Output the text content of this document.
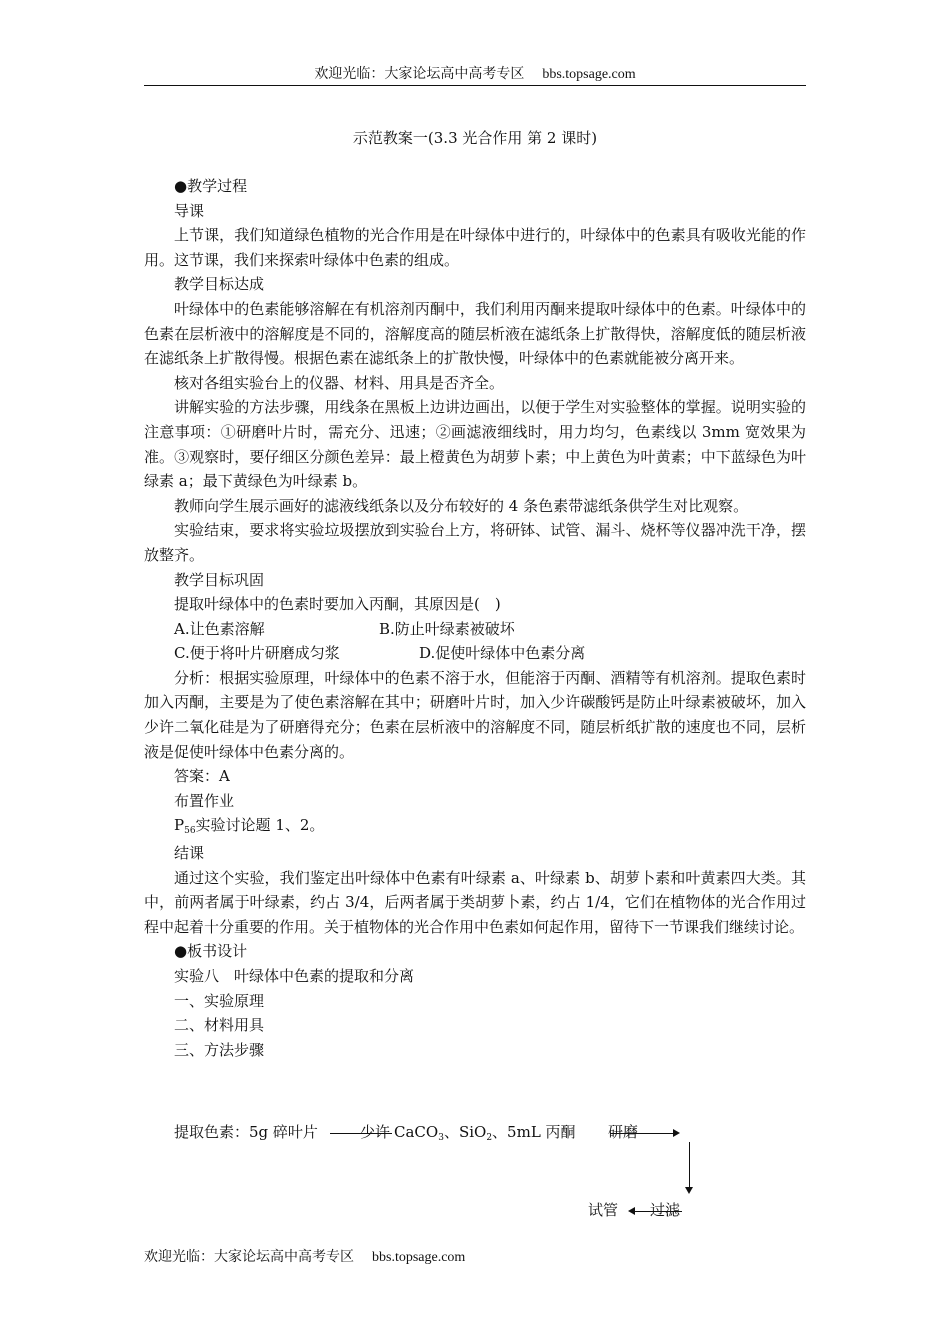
欢迎光临：大家论坛高中高考专区 bbs.topsage.com
示范教案一(3.3 光合作用 第 2 课时)

●教学过程

导课

上节课，我们知道绿色植物的光合作用是在叶绿体中进行的，叶绿体中的色素具有吸收光能的作用。这节课，我们来探索叶绿体中色素的组成。

教学目标达成

叶绿体中的色素能够溶解在有机溶剂丙酮中，我们利用丙酮来提取叶绿体中的色素。叶绿体中的色素在层析液中的溶解度是不同的，溶解度高的随层析液在滤纸条上扩散得快，溶解度低的随层析液在滤纸条上扩散得慢。根据色素在滤纸条上的扩散快慢，叶绿体中的色素就能被分离开来。

核对各组实验台上的仪器、材料、用具是否齐全。

讲解实验的方法步骤，用线条在黑板上边讲边画出，以便于学生对实验整体的掌握。说明实验的注意事项：①研磨叶片时，需充分、迅速；②画滤液细线时，用力均匀，色素线以 3mm 宽效果为准。③观察时，要仔细区分颜色差异：最上橙黄色为胡萝卜素；中上黄色为叶黄素；中下蓝绿色为叶绿素 a；最下黄绿色为叶绿素 b。

教师向学生展示画好的滤液线纸条以及分布较好的 4 条色素带滤纸条供学生对比观察。

实验结束，要求将实验垃圾摆放到实验台上方，将研钵、试管、漏斗、烧杯等仪器冲洗干净，摆放整齐。

教学目标巩固

提取叶绿体中的色素时要加入丙酮，其原因是(　)

A.让色素溶解	B.防止叶绿素被破坏

C.便于将叶片研磨成匀浆	D.促使叶绿体中色素分离

分析：根据实验原理，叶绿体中的色素不溶于水，但能溶于丙酮、酒精等有机溶剂。提取色素时加入丙酮，主要是为了使色素溶解在其中；研磨叶片时，加入少许碳酸钙是防止叶绿素被破坏，加入少许二氧化硅是为了研磨得充分；色素在层析液中的溶解度不同，随层析纸扩散的速度也不同，层析液是促使叶绿体中色素分离的。

答案：A

布置作业

$P_{56}$实验讨论题 1、2。

结课

通过这个实验，我们鉴定出叶绿体中色素有叶绿素 a、叶绿素 b、胡萝卜素和叶黄素四大类。其中，前两者属于叶绿素，约占 3/4，后两者属于类胡萝卜素，约占 1/4，它们在植物体的光合作用过程中起着十分重要的作用。关于植物体的光合作用中色素如何起作用，留待下一节课我们继续讨论。

●板书设计

实验八　叶绿体中色素的提取和分离

一、实验原理

二、材料用具

三、方法步骤

提取色素：5g 碎叶片	少许 CaCO$_3$、SiO$_2$、5mL 丙酮 研磨
试管 过滤
欢迎光临：大家论坛高中高考专区 bbs.topsage.com
